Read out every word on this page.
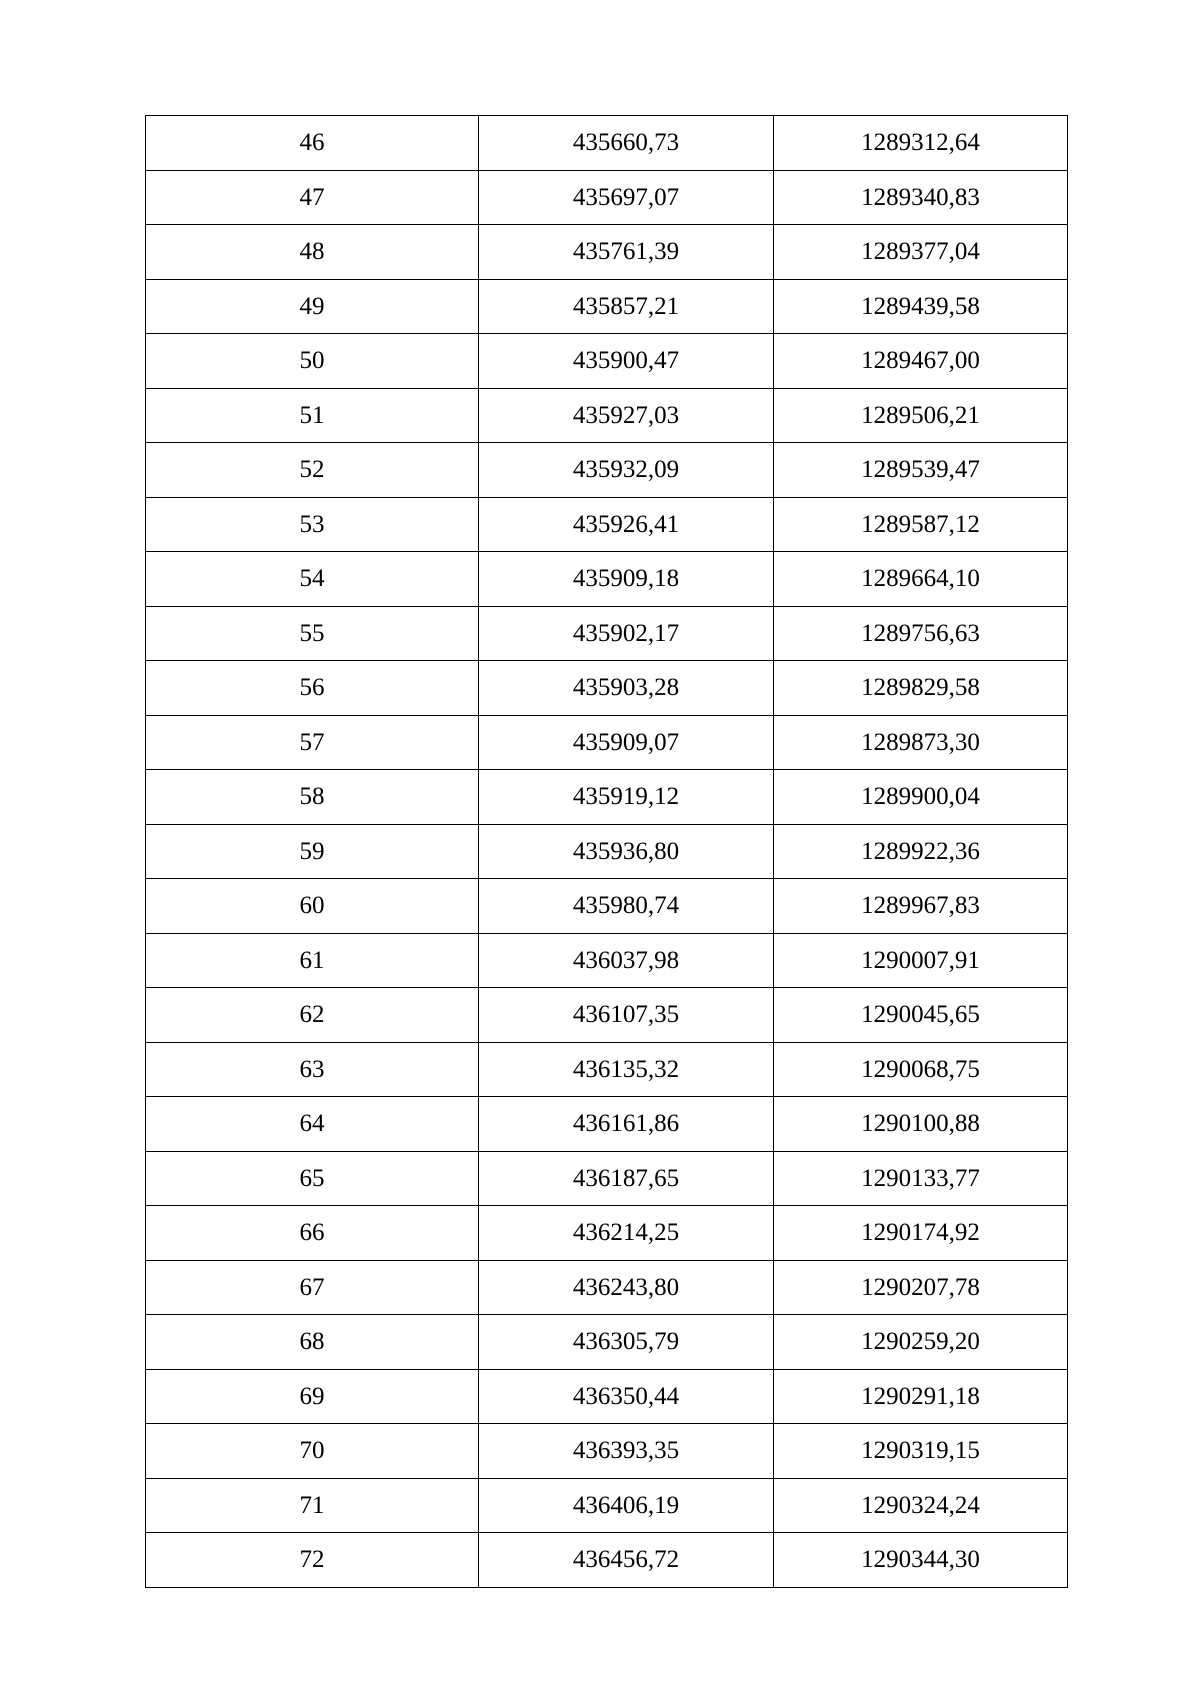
46	435660,73	1289312,64
47	435697,07	1289340,83
48	435761,39	1289377,04
49	435857,21	1289439,58
50	435900,47	1289467,00
51	435927,03	1289506,21
52	435932,09	1289539,47
53	435926,41	1289587,12
54	435909,18	1289664,10
55	435902,17	1289756,63
56	435903,28	1289829,58
57	435909,07	1289873,30
58	435919,12	1289900,04
59	435936,80	1289922,36
60	435980,74	1289967,83
61	436037,98	1290007,91
62	436107,35	1290045,65
63	436135,32	1290068,75
64	436161,86	1290100,88
65	436187,65	1290133,77
66	436214,25	1290174,92
67	436243,80	1290207,78
68	436305,79	1290259,20
69	436350,44	1290291,18
70	436393,35	1290319,15
71	436406,19	1290324,24
72	436456,72	1290344,30
